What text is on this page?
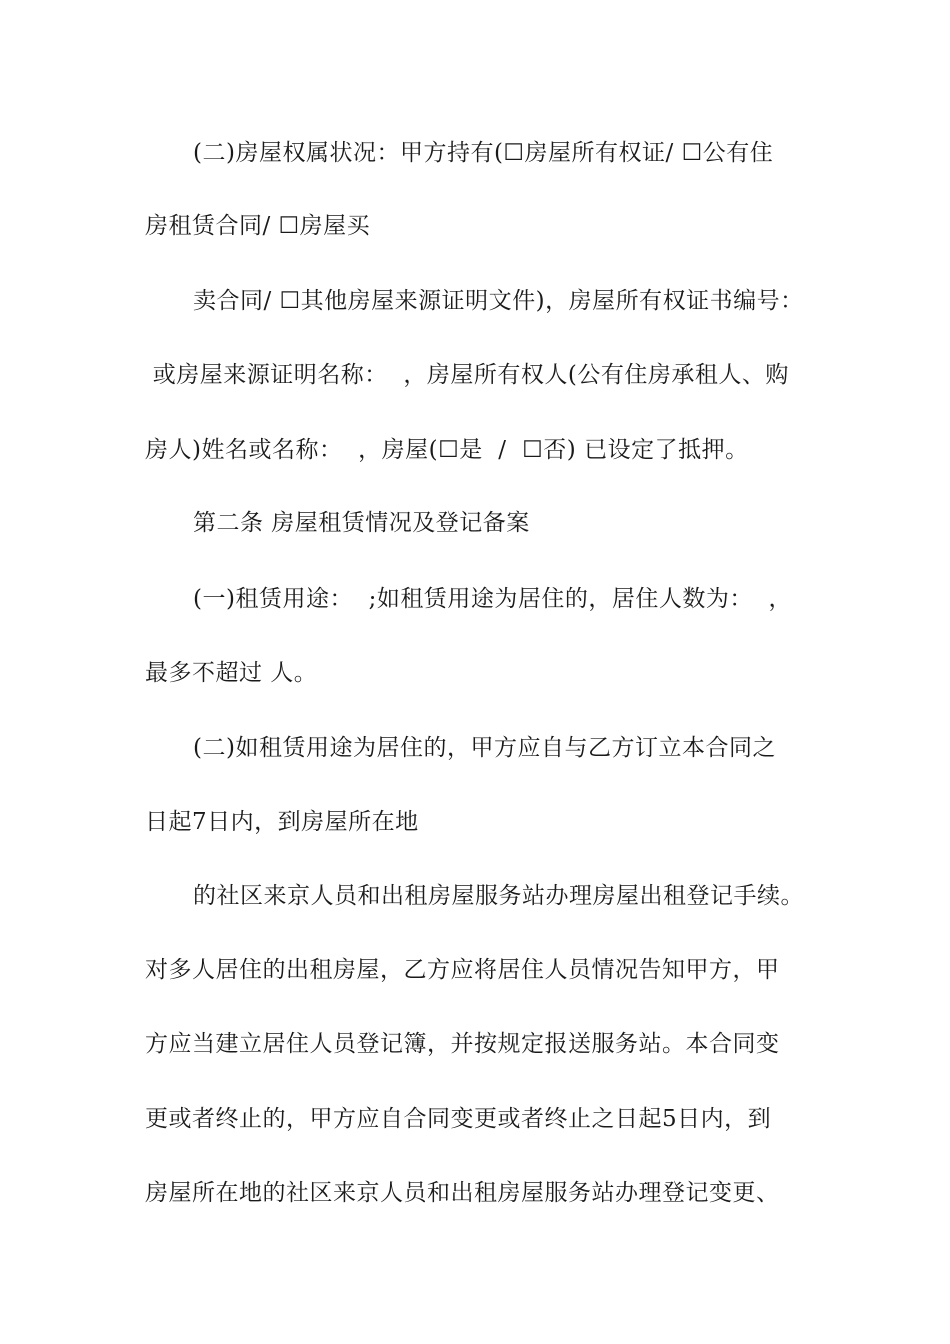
(二)房屋权属状况：甲方持有(☐房屋所有权证/ ☐公有住
房租赁合同/ ☐房屋买
卖合同/ ☐其他房屋来源证明文件)，房屋所有权证书编号：
或房屋来源证明名称：  ，房屋所有权人(公有住房承租人、购
房人)姓名或名称：  ，房屋(☐是  /  ☐否) 已设定了抵押。
第二条 房屋租赁情况及登记备案
(一)租赁用途：  ;如租赁用途为居住的，居住人数为：  ，
最多不超过 人。
(二)如租赁用途为居住的，甲方应自与乙方订立本合同之
日起7日内，到房屋所在地
的社区来京人员和出租房屋服务站办理房屋出租登记手续。
对多人居住的出租房屋，乙方应将居住人员情况告知甲方，甲
方应当建立居住人员登记簿，并按规定报送服务站。本合同变
更或者终止的，甲方应自合同变更或者终止之日起5日内，到
房屋所在地的社区来京人员和出租房屋服务站办理登记变更、
